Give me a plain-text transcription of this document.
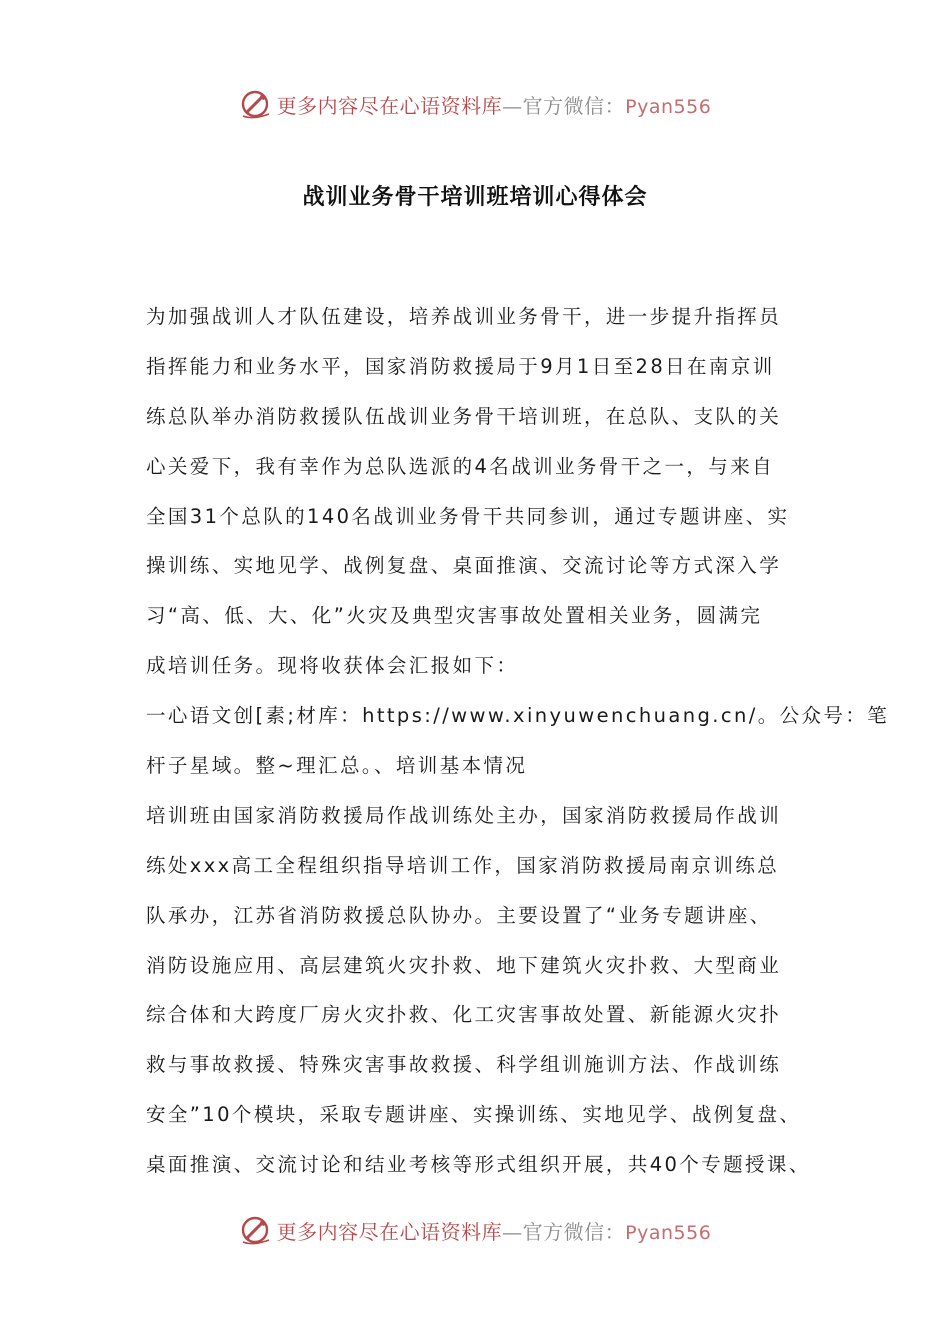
更多内容尽在心语资料库—官方微信：Pyan556
战训业务骨干培训班培训心得体会
为加强战训人才队伍建设，培养战训业务骨干，进一步提升指挥员
指挥能力和业务水平，国家消防救援局于9月1日至28日在南京训
练总队举办消防救援队伍战训业务骨干培训班，在总队、支队的关
心关爱下，我有幸作为总队选派的4名战训业务骨干之一，与来自
全国31个总队的140名战训业务骨干共同参训，通过专题讲座、实
操训练、实地见学、战例复盘、桌面推演、交流讨论等方式深入学
习“高、低、大、化”火灾及典型灾害事故处置相关业务，圆满完
成培训任务。现将收获体会汇报如下：
一心语文创[素;材库：https://www.xinyuwenchuang.cn/。公众号：笔
杆子星域。整~理汇总。、培训基本情况
培训班由国家消防救援局作战训练处主办，国家消防救援局作战训
练处xxx高工全程组织指导培训工作，国家消防救援局南京训练总
队承办，江苏省消防救援总队协办。主要设置了“业务专题讲座、
消防设施应用、高层建筑火灾扑救、地下建筑火灾扑救、大型商业
综合体和大跨度厂房火灾扑救、化工灾害事故处置、新能源火灾扑
救与事故救援、特殊灾害事故救援、科学组训施训方法、作战训练
安全”10个模块，采取专题讲座、实操训练、实地见学、战例复盘、
桌面推演、交流讨论和结业考核等形式组织开展，共40个专题授课、
更多内容尽在心语资料库—官方微信：Pyan556
